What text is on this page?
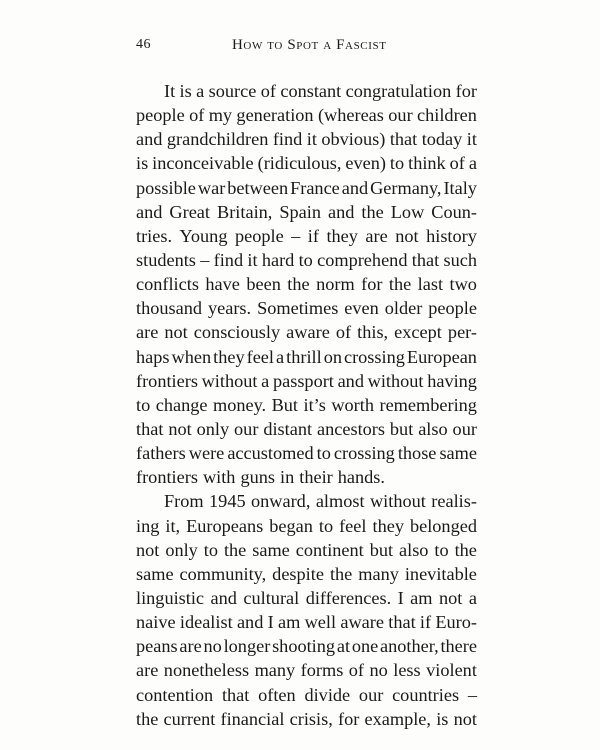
46	How to Spot a Fascist
It is a source of constant congratulation for
people of my generation (whereas our children
and grandchildren find it obvious) that today it
is inconceivable (ridiculous, even) to think of a
possible war between France and Germany, Italy
and Great Britain, Spain and the Low Coun-
tries. Young people – if they are not history
students – find it hard to comprehend that such
conflicts have been the norm for the last two
thousand years. Sometimes even older people
are not consciously aware of this, except per-
haps when they feel a thrill on crossing European
frontiers without a passport and without having
to change money. But it’s worth remembering
that not only our distant ancestors but also our
fathers were accustomed to crossing those same
frontiers with guns in their hands.
From 1945 onward, almost without realis-
ing it, Europeans began to feel they belonged
not only to the same continent but also to the
same community, despite the many inevitable
linguistic and cultural differences. I am not a
naive idealist and I am well aware that if Euro-
peans are no longer shooting at one another, there
are nonetheless many forms of no less violent
contention that often divide our countries –
the current financial crisis, for example, is not
